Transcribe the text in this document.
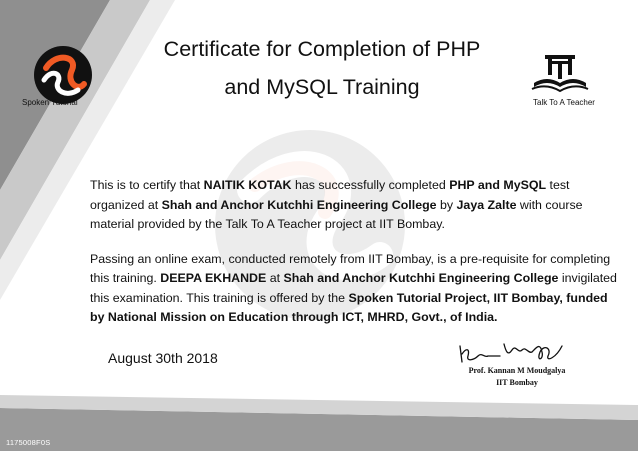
Spoken Tutorial	Talk To A Teacher
Certificate for Completion of PHP
and MySQL Training

This is to certify that NAITIK KOTAK has successfully completed PHP and MySQL test organized at Shah and Anchor Kutchhi Engineering College by Jaya Zalte with course material provided by the Talk To A Teacher project at IIT Bombay.

Passing an online exam, conducted remotely from IIT Bombay, is a pre-requisite for completing this training. DEEPA EKHANDE at Shah and Anchor Kutchhi Engineering College invigilated this examination. This training is offered by the Spoken Tutorial Project, IIT Bombay, funded by National Mission on Education through ICT, MHRD, Govt., of India.

August 30th 2018
Prof. Kannan M Moudgalya
IIT Bombay
1175008F0S
